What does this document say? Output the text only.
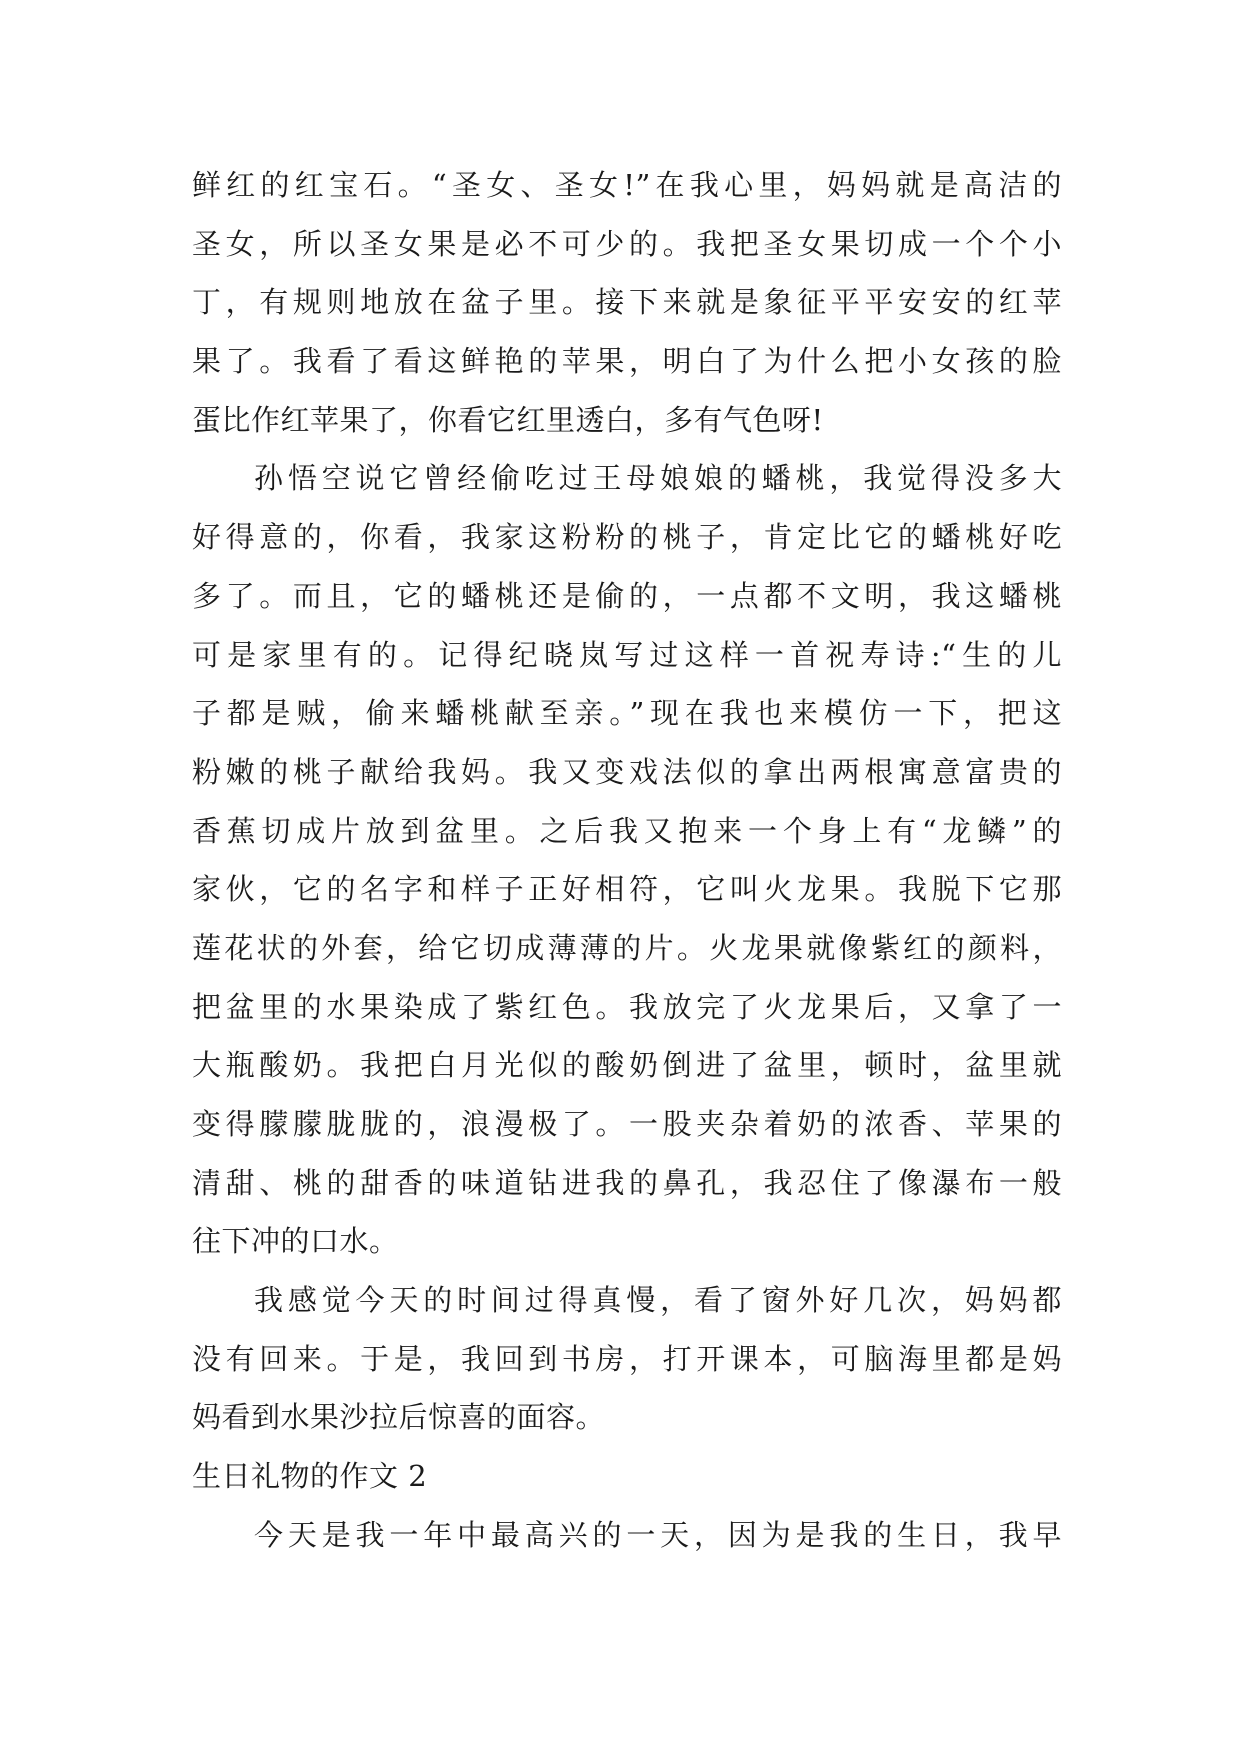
鲜红的红宝石。“圣女、圣女!”在我心里，妈妈就是高洁的
圣女，所以圣女果是必不可少的。我把圣女果切成一个个小
丁，有规则地放在盆子里。接下来就是象征平平安安的红苹
果了。我看了看这鲜艳的苹果，明白了为什么把小女孩的脸
蛋比作红苹果了，你看它红里透白，多有气色呀!
孙悟空说它曾经偷吃过王母娘娘的蟠桃，我觉得没多大
好得意的，你看，我家这粉粉的桃子，肯定比它的蟠桃好吃
多了。而且，它的蟠桃还是偷的，一点都不文明，我这蟠桃
可是家里有的。记得纪晓岚写过这样一首祝寿诗:“生的儿
子都是贼，偷来蟠桃献至亲。”现在我也来模仿一下，把这
粉嫩的桃子献给我妈。我又变戏法似的拿出两根寓意富贵的
香蕉切成片放到盆里。之后我又抱来一个身上有“龙鳞”的
家伙，它的名字和样子正好相符，它叫火龙果。我脱下它那
莲花状的外套，给它切成薄薄的片。火龙果就像紫红的颜料，
把盆里的水果染成了紫红色。我放完了火龙果后，又拿了一
大瓶酸奶。我把白月光似的酸奶倒进了盆里，顿时，盆里就
变得朦朦胧胧的，浪漫极了。一股夹杂着奶的浓香、苹果的
清甜、桃的甜香的味道钻进我的鼻孔，我忍住了像瀑布一般
往下冲的口水。
我感觉今天的时间过得真慢，看了窗外好几次，妈妈都
没有回来。于是，我回到书房，打开课本，可脑海里都是妈
妈看到水果沙拉后惊喜的面容。
生日礼物的作文 2
今天是我一年中最高兴的一天，因为是我的生日，我早
